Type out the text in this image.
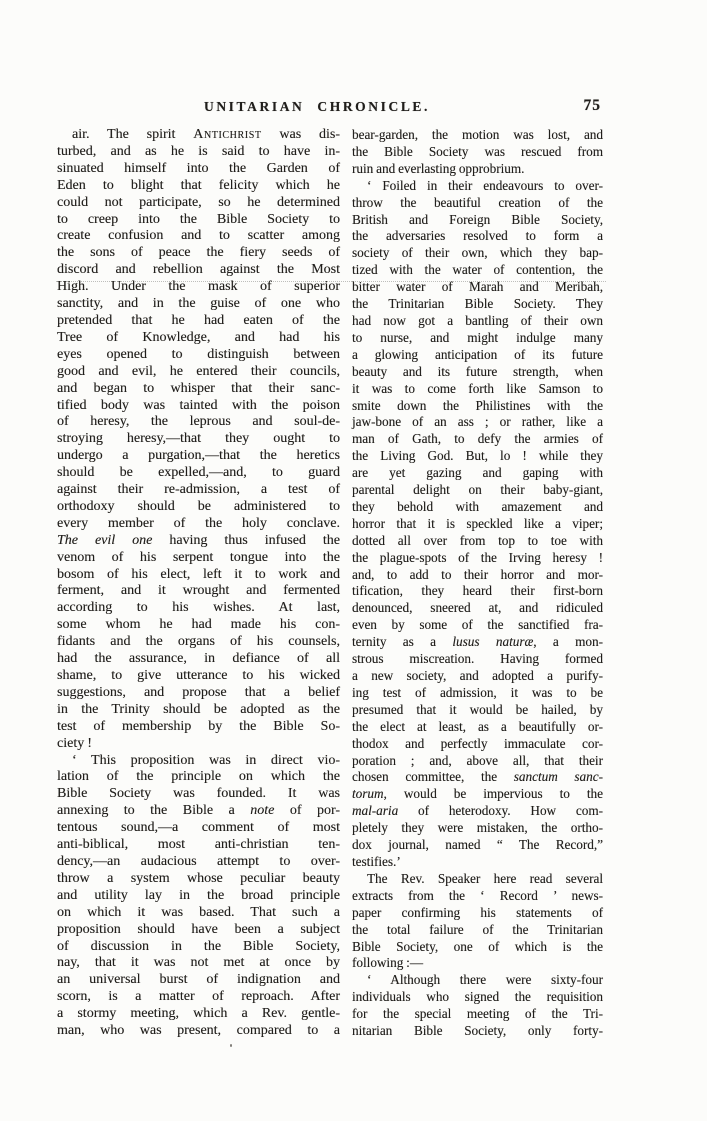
UNITARIAN CHRONICLE.	75
air. The spirit Antichrist was dis-
turbed, and as he is said to have in-
sinuated himself into the Garden of
Eden to blight that felicity which he
could not participate, so he determined
to creep into the Bible Society to
create confusion and to scatter among
the sons of peace the fiery seeds of
discord and rebellion against the Most
High. Under the mask of superior
sanctity, and in the guise of one who
pretended that he had eaten of the
Tree of Knowledge, and had his
eyes opened to distinguish between
good and evil, he entered their councils,
and began to whisper that their sanc-
tified body was tainted with the poison
of heresy, the leprous and soul-de-
stroying heresy,—that they ought to
undergo a purgation,—that the heretics
should be expelled,—and, to guard
against their re-admission, a test of
orthodoxy should be administered to
every member of the holy conclave.
The evil one having thus infused the
venom of his serpent tongue into the
bosom of his elect, left it to work and
ferment, and it wrought and fermented
according to his wishes. At last,
some whom he had made his con-
fidants and the organs of his counsels,
had the assurance, in defiance of all
shame, to give utterance to his wicked
suggestions, and propose that a belief
in the Trinity should be adopted as the
test of membership by the Bible So-
ciety !
‘ This proposition was in direct vio-
lation of the principle on which the
Bible Society was founded. It was
annexing to the Bible a note of por-
tentous sound,—a comment of most
anti-biblical, most anti-christian ten-
dency,—an audacious attempt to over-
throw a system whose peculiar beauty
and utility lay in the broad principle
on which it was based. That such a
proposition should have been a subject
of discussion in the Bible Society,
nay, that it was not met at once by
an universal burst of indignation and
scorn, is a matter of reproach. After
a stormy meeting, which a Rev. gentle-
man, who was present, compared to a
bear-garden, the motion was lost, and
the Bible Society was rescued from
ruin and everlasting opprobrium.
‘ Foiled in their endeavours to over-
throw the beautiful creation of the
British and Foreign Bible Society,
the adversaries resolved to form a
society of their own, which they bap-
tized with the water of contention, the
bitter water of Marah and Meribah,
the Trinitarian Bible Society. They
had now got a bantling of their own
to nurse, and might indulge many
a glowing anticipation of its future
beauty and its future strength, when
it was to come forth like Samson to
smite down the Philistines with the
jaw-bone of an ass ; or rather, like a
man of Gath, to defy the armies of
the Living God. But, lo ! while they
are yet gazing and gaping with
parental delight on their baby-giant,
they behold with amazement and
horror that it is speckled like a viper;
dotted all over from top to toe with
the plague-spots of the Irving heresy !
and, to add to their horror and mor-
tification, they heard their first-born
denounced, sneered at, and ridiculed
even by some of the sanctified fra-
ternity as a lusus naturæ, a mon-
strous miscreation. Having formed
a new society, and adopted a purify-
ing test of admission, it was to be
presumed that it would be hailed, by
the elect at least, as a beautifully or-
thodox and perfectly immaculate cor-
poration ; and, above all, that their
chosen committee, the sanctum sanc-
torum, would be impervious to the
mal-aria of heterodoxy. How com-
pletely they were mistaken, the ortho-
dox journal, named “ The Record,”
testifies.’
The Rev. Speaker here read several
extracts from the ‘ Record ’ news-
paper confirming his statements of
the total failure of the Trinitarian
Bible Society, one of which is the
following :—
‘ Although there were sixty-four
individuals who signed the requisition
for the special meeting of the Tri-
nitarian Bible Society, only forty-
